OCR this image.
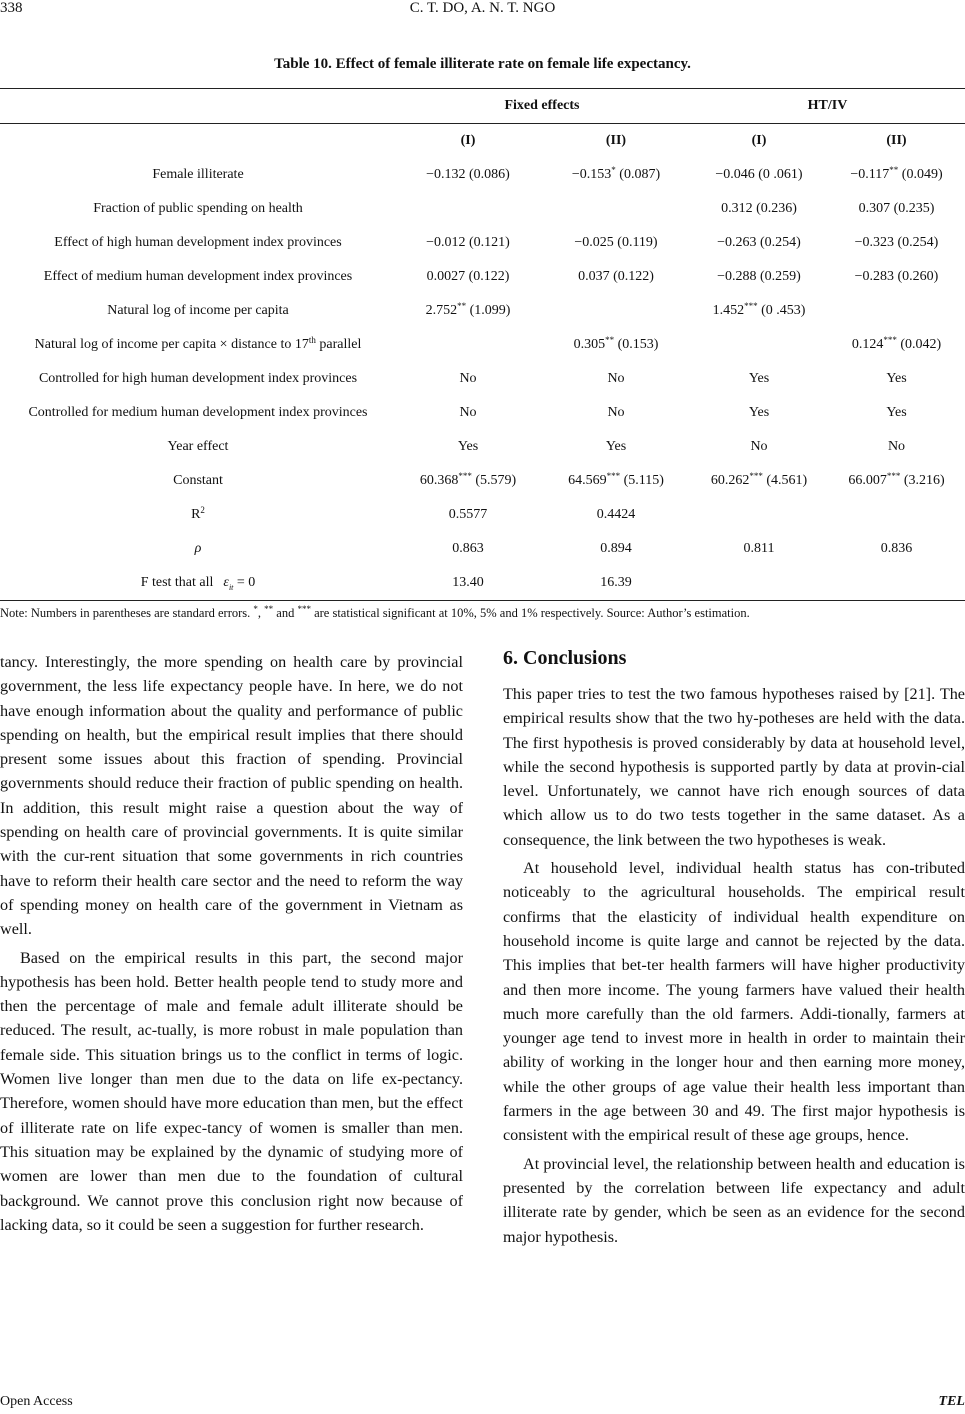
338	C. T. DO, A. N. T. NGO
Table 10. Effect of female illiterate rate on female life expectancy.
	Fixed effects		HT/IV	
	(I)	(II)	(I)	(II)
Female illiterate	−0.132 (0.086)	−0.153* (0.087)	−0.046 (0 .061)	−0.117** (0.049)
Fraction of public spending on health			0.312 (0.236)	0.307 (0.235)
Effect of high human development index provinces	−0.012 (0.121)	−0.025 (0.119)	−0.263 (0.254)	−0.323 (0.254)
Effect of medium human development index provinces	0.0027 (0.122)	0.037 (0.122)	−0.288 (0.259)	−0.283 (0.260)
Natural log of income per capita	2.752** (1.099)		1.452*** (0 .453)	
Natural log of income per capita × distance to 17th parallel		0.305** (0.153)		0.124*** (0.042)
Controlled for high human development index provinces	No	No	Yes	Yes
Controlled for medium human development index provinces	No	No	Yes	Yes
Year effect	Yes	Yes	No	No
Constant	60.368*** (5.579)	64.569*** (5.115)	60.262*** (4.561)	66.007*** (3.216)
$R^2$	0.5577	0.4424		
ρ	0.863	0.894	0.811	0.836
F test that all $\varepsilon_{it} = 0$	13.40	16.39		
Note: Numbers in parentheses are standard errors. *, ** and *** are statistical significant at 10%, 5% and 1% respectively. Source: Author’s estimation.

tancy. Interestingly, the more spending on health care by provincial government, the less life expectancy people have. In here, we do not have enough information about the quality and performance of public spending on health, but the empirical result implies that there should present some issues about this fraction of spending. Provincial governments should reduce their fraction of public spending on health. In addition, this result might raise a question about the way of spending on health care of provincial governments. It is quite similar with the cur-rent situation that some governments in rich countries have to reform their health care sector and the need to reform the way of spending money on health care of the government in Vietnam as well.

Based on the empirical results in this part, the second major hypothesis has been hold. Better health people tend to study more and then the percentage of male and female adult illiterate should be reduced. The result, ac-tually, is more robust in male population than female side. This situation brings us to the conflict in terms of logic. Women live longer than men due to the data on life ex-pectancy. Therefore, women should have more education than men, but the effect of illiterate rate on life expec-tancy of women is smaller than men. This situation may be explained by the dynamic of studying more of women are lower than men due to the foundation of cultural background. We cannot prove this conclusion right now because of lacking data, so it could be seen a suggestion for further research.

6. Conclusions

This paper tries to test the two famous hypotheses raised by [21]. The empirical results show that the two hy-potheses are held with the data. The first hypothesis is proved considerably by data at household level, while the second hypothesis is supported partly by data at provin-cial level. Unfortunately, we cannot have rich enough sources of data which allow us to do two tests together in the same dataset. As a consequence, the link between the two hypotheses is weak.

At household level, individual health status has con-tributed noticeably to the agricultural households. The empirical result confirms that the elasticity of individual health expenditure on household income is quite large and cannot be rejected by the data. This implies that bet-ter health farmers will have higher productivity and then more income. The young farmers have valued their health much more carefully than the old farmers. Addi-tionally, farmers at younger age tend to invest more in health in order to maintain their ability of working in the longer hour and then earning more money, while the other groups of age value their health less important than farmers in the age between 30 and 49. The first major hypothesis is consistent with the empirical result of these age groups, hence.

At provincial level, the relationship between health and education is presented by the correlation between life expectancy and adult illiterate rate by gender, which be seen as an evidence for the second major hypothesis.

Open Access	TEL
